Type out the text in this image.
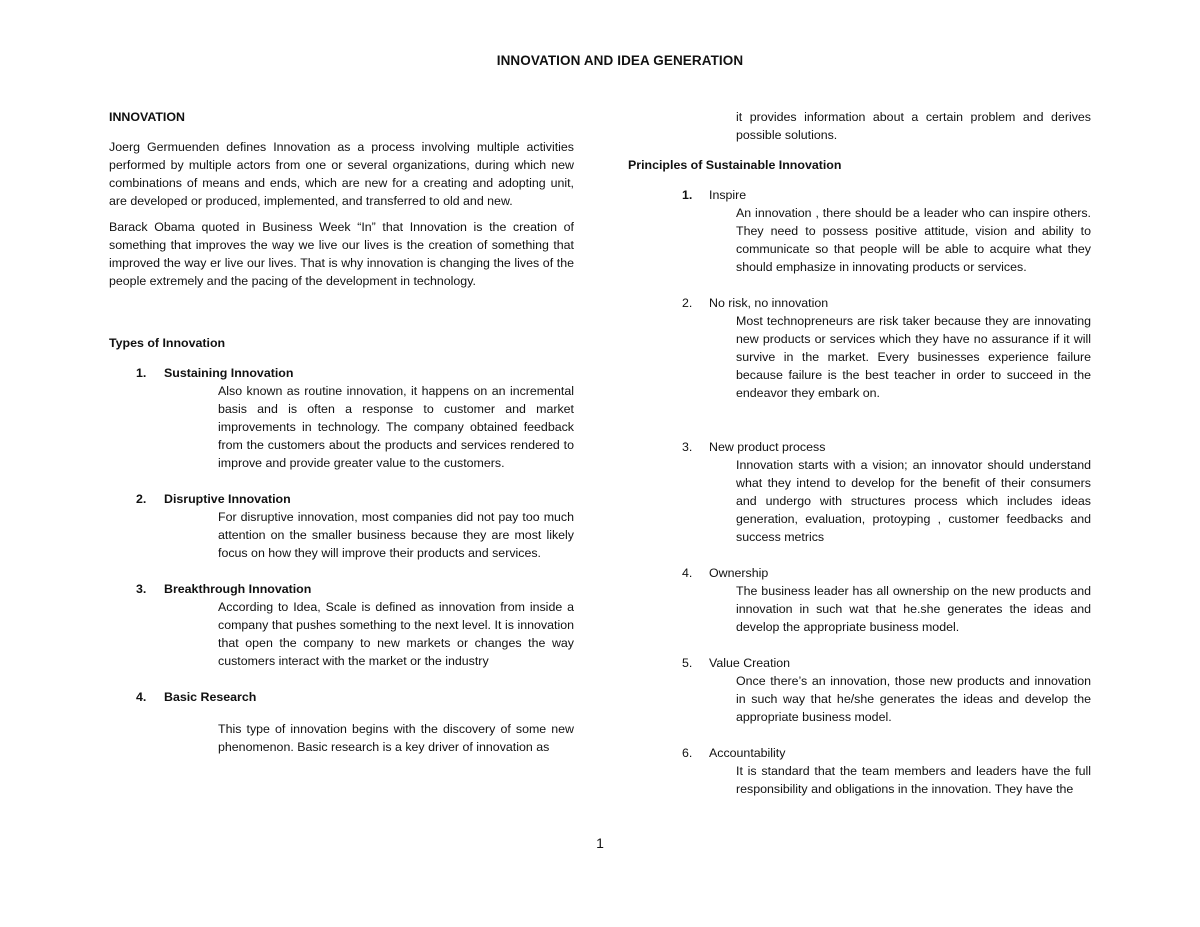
INNOVATION AND IDEA GENERATION

INNOVATION

Joerg Germuenden defines Innovation as a process involving multiple activities performed by multiple actors from one or several organizations, during which new combinations of means and ends, which are new for a creating and adopting unit, are developed or produced, implemented, and transferred to old and new.

Barack Obama quoted in Business Week “In” that Innovation is the creation of something that improves the way we live our lives is the creation of something that improved the way er live our lives. That is why innovation is changing the lives of the people extremely and the pacing of the development in technology.

Types of Innovation

1. Sustaining Innovation
Also known as routine innovation, it happens on an incremental basis and is often a response to customer and market improvements in technology. The company obtained feedback from the customers about the products and services rendered to improve and provide greater value to the customers.
2. Disruptive Innovation
For disruptive innovation, most companies did not pay too much attention on the smaller business because they are most likely focus on how they will improve their products and services.
3. Breakthrough Innovation
According to Idea, Scale is defined as innovation from inside a company that pushes something to the next level. It is innovation that open the company to new markets or changes the way customers interact with the market or the industry
4. Basic Research
This type of innovation begins with the discovery of some new phenomenon. Basic research is a key driver of innovation as
it provides information about a certain problem and derives possible solutions.

Principles of Sustainable Innovation

1. Inspire
An innovation , there should be a leader who can inspire others. They need to possess positive attitude, vision and ability to communicate so that people will be able to acquire what they should emphasize in innovating products or services.
2. No risk, no innovation
Most technopreneurs are risk taker because they are innovating new products or services which they have no assurance if it will survive in the market. Every businesses experience failure because failure is the best teacher in order to succeed in the endeavor they embark on.
3. New product process
Innovation starts with a vision; an innovator should understand what they intend to develop for the benefit of their consumers and undergo with structures process which includes ideas generation, evaluation, protoyping , customer feedbacks and success metrics
4. Ownership
The business leader has all ownership on the new products and innovation in such wat that he.she generates the ideas and develop the appropriate business model.
5. Value Creation
Once there’s an innovation, those new products and innovation in such way that he/she generates the ideas and develop the appropriate business model.
6. Accountability
It is standard that the team members and leaders have the full responsibility and obligations in the innovation. They have the
1
